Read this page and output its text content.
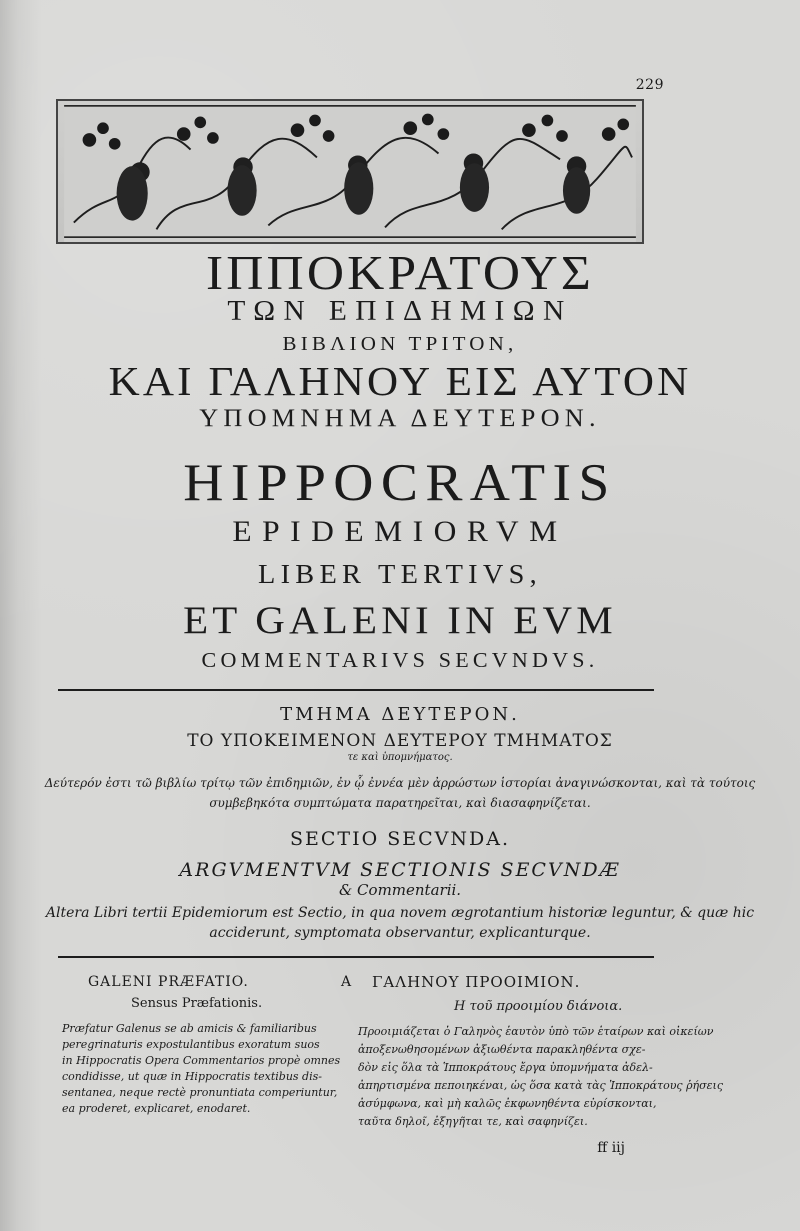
229
ΙΠΠΟΚΡΑΤΟΥΣ
ΤΩΝ ΕΠΙΔΗΜΙΩΝ
ΒΙΒΛΙΟΝ ΤΡΙΤΟΝ,
ΚΑΙ ΓΑΛΗΝΟΥ ΕΙΣ ΑΥΤΟΝ
ΥΠΟΜΝΗΜΑ ΔΕΥΤΕΡΟΝ.
HIPPOCRATIS
EPIDEMIORVM
LIBER TERTIVS,
ET GALENI IN EVM
COMMENTARIVS SECVNDVS.
ΤΜΗΜΑ ΔΕΥΤΕΡΟΝ.
ΤΟ ΥΠΟΚΕΙΜΕΝΟΝ ΔΕΥΤΕΡΟΥ ΤΜΗΜΑΤΟΣ
τε καὶ ὑπομνήματος.
Δεύτερόν ἐστι τῶ βιβλίω τρίτῳ τῶν ἐπιδημιῶν, ἐν ᾧ ἐννέα μὲν ἀρρώστων ἱστορίαι ἀναγινώσκονται, καὶ τὰ τούτοις
συμβεβηκότα συμπτώματα παρατηρεῖται, καὶ διασαφηνίζεται.
SECTIO SECVNDA.
ARGVMENTVM SECTIONIS SECVNDÆ
& Commentarii.
Altera Libri tertii Epidemiorum est Sectio, in qua novem ægrotantium historiæ leguntur, & quæ hic
acciderunt, symptomata observantur, explicanturque.
GALENI PRÆFATIO.
Sensus Præfationis.
A ΓΑΛΗΝΟΥ ΠΡΟΟΙΜΙΟΝ.
Η τοῦ προοιμίου διάνοια.
Præfatur Galenus se ab amicis & familiaribus
peregrinaturis expostulantibus exoratum suos
in Hippocratis Opera Commentarios propè omnes
condidisse, ut quæ in Hippocratis textibus dis-
sentanea, neque rectè pronuntiata comperiuntur,
ea proderet, explicaret, enodaret.
Προοιμιάζεται ὁ Γαληνὸς ἑαυτὸν ὑπὸ τῶν ἑταίρων καὶ οἰκείων
ἀποξενωθησομένων ἀξιωθέντα παρακληθέντα σχε-
δὸν εἰς ὅλα τὰ Ἱπποκράτους ἔργα ὑπομνήματα ἀδελ-
ἀπηρτισμένα πεποιηκέναι, ὡς ὅσα κατὰ τὰς Ἱπποκράτους ῥήσεις
ἀσύμφωνα, καὶ μὴ καλῶς ἐκφωνηθέντα εὑρίσκονται,
ταῦτα δηλοῖ, ἐξηγῆται τε, καὶ σαφηνίζει.
ff iij
